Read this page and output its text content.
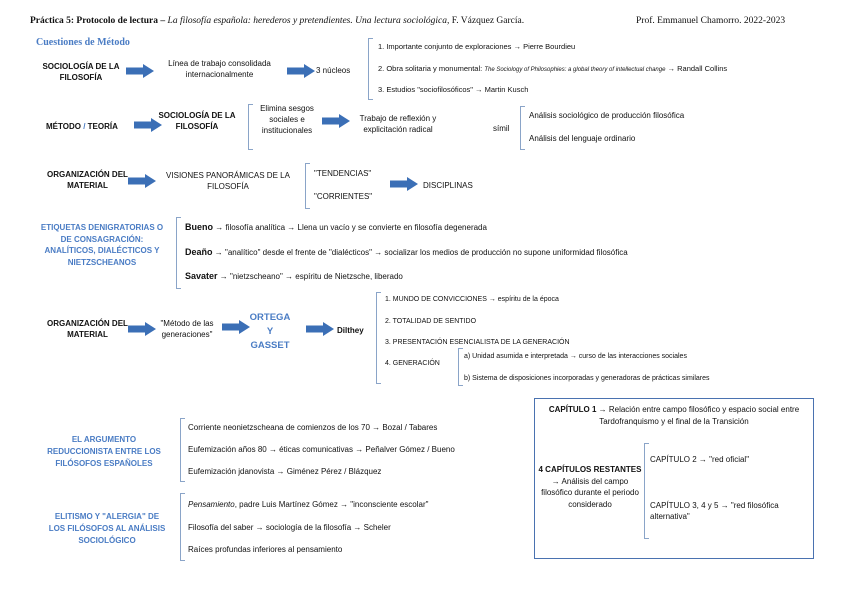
Práctica 5: Protocolo de lectura – La filosofía española: herederos y pretendientes. Una lectura sociológica, F. Vázquez García.	Prof. Emmanuel Chamorro. 2022-2023
Cuestiones de Método
SOCIOLOGÍA DE LA FILOSOFÍA
Línea de trabajo consolidada internacionalmente	3 núcleos
1. Importante conjunto de exploraciones → Pierre Bourdieu
2. Obra solitaria y monumental: The Sociology of Philosophies: a global theory of intellectual change → Randall Collins
3. Estudios "sociofilosóficos" → Martin Kusch
MÉTODO / TEORÍA
SOCIOLOGÍA DE LA FILOSOFÍA
Elimina sesgos sociales e institucionales
Trabajo de reflexión y explicitación radical	símil
Análisis sociológico de producción filosófica
Análisis del lenguaje ordinario
ORGANIZACIÓN DEL MATERIAL
VISIONES PANORÁMICAS DE LA FILOSOFÍA
"TENDENCIAS"
"CORRIENTES"
DISCIPLINAS
ETIQUETAS DENIGRATORIAS O DE CONSAGRACIÓN: ANALÍTICOS, DIALÉCTICOS Y NIETZSCHEANOS
Bueno → filosofía analítica → Llena un vacío y se convierte en filosofía degenerada
Deaño → "analítico" desde el frente de "dialécticos" → socializar los medios de producción no supone uniformidad filosófica
Savater → "nietzscheano" → espíritu de Nietzsche, liberado
ORGANIZACIÓN DEL MATERIAL
"Método de las generaciones"
ORTEGA Y GASSET
Dilthey
1. MUNDO DE CONVICCIONES → espíritu de la época
2. TOTALIDAD DE SENTIDO
3. PRESENTACIÓN ESENCIALISTA DE LA GENERACIÓN
4. GENERACIÓN
a) Unidad asumida e interpretada → curso de las interacciones sociales
b) Sistema de disposiciones incorporadas y generadoras de prácticas similares
EL ARGUMENTO REDUCCIONISTA ENTRE LOS FILÓSOFOS ESPAÑOLES
Corriente neonietzscheana de comienzos de los 70 → Bozal / Tabares
Eufemización años 80 → éticas comunicativas → Peñalver Gómez / Bueno
Eufemización jdanovista → Giménez Pérez / Blázquez
ELITISMO Y "ALERGIA" DE LOS FILÓSOFOS AL ANÁLISIS SOCIOLÓGICO
Pensamiento, padre Luis Martínez Gómez → "inconsciente escolar"
Filosofía del saber → sociología de la filosofía → Scheler
Raíces profundas inferiores al pensamiento
CAPÍTULO 1 → Relación entre campo filosófico y espacio social entre Tardofranquismo y el final de la Transición
4 CAPÍTULOS RESTANTES → Análisis del campo filosófico durante el periodo considerado
CAPÍTULO 2 → "red oficial"
CAPÍTULO 3, 4 y 5 → "red filosófica alternativa"
